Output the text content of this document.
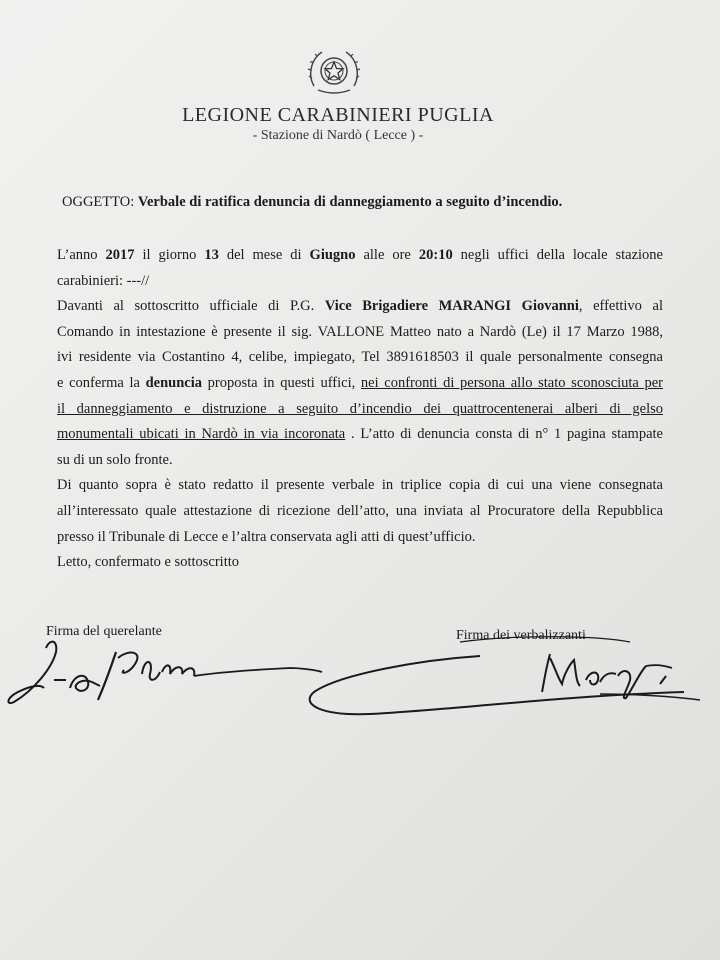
LEGIONE CARABINIERI PUGLIA
- Stazione di Nardò ( Lecce ) -
OGGETTO: Verbale di ratifica denuncia di danneggiamento a seguito d’incendio.
L’anno 2017 il giorno 13 del mese di Giugno alle ore 20:10 negli uffici della locale stazione
carabinieri: ---//
Davanti al sottoscritto ufficiale di P.G. Vice Brigadiere MARANGI Giovanni, effettivo al
Comando in intestazione è presente il sig. VALLONE Matteo nato a Nardò (Le) il 17 Marzo 1988,
ivi residente via Costantino 4, celibe, impiegato, Tel 3891618503 il quale personalmente consegna
e conferma la denuncia proposta in questi uffici, nei confronti di persona allo stato sconosciuta per
il danneggiamento e distruzione a seguito d’incendio dei quattrocentenerai alberi di gelso
monumentali ubicati in Nardò in via incoronata . L’atto di denuncia consta di n° 1 pagina stampate
su di un solo fronte.
Di quanto sopra è stato redatto il presente verbale in triplice copia di cui una viene consegnata
all’interessato quale attestazione di ricezione dell’atto, una inviata al Procuratore della Repubblica
presso il Tribunale di Lecce e l’altra conservata agli atti di quest’ufficio.
Letto, confermato e sottoscritto
Firma del querelante	Firma dei verbalizzanti
